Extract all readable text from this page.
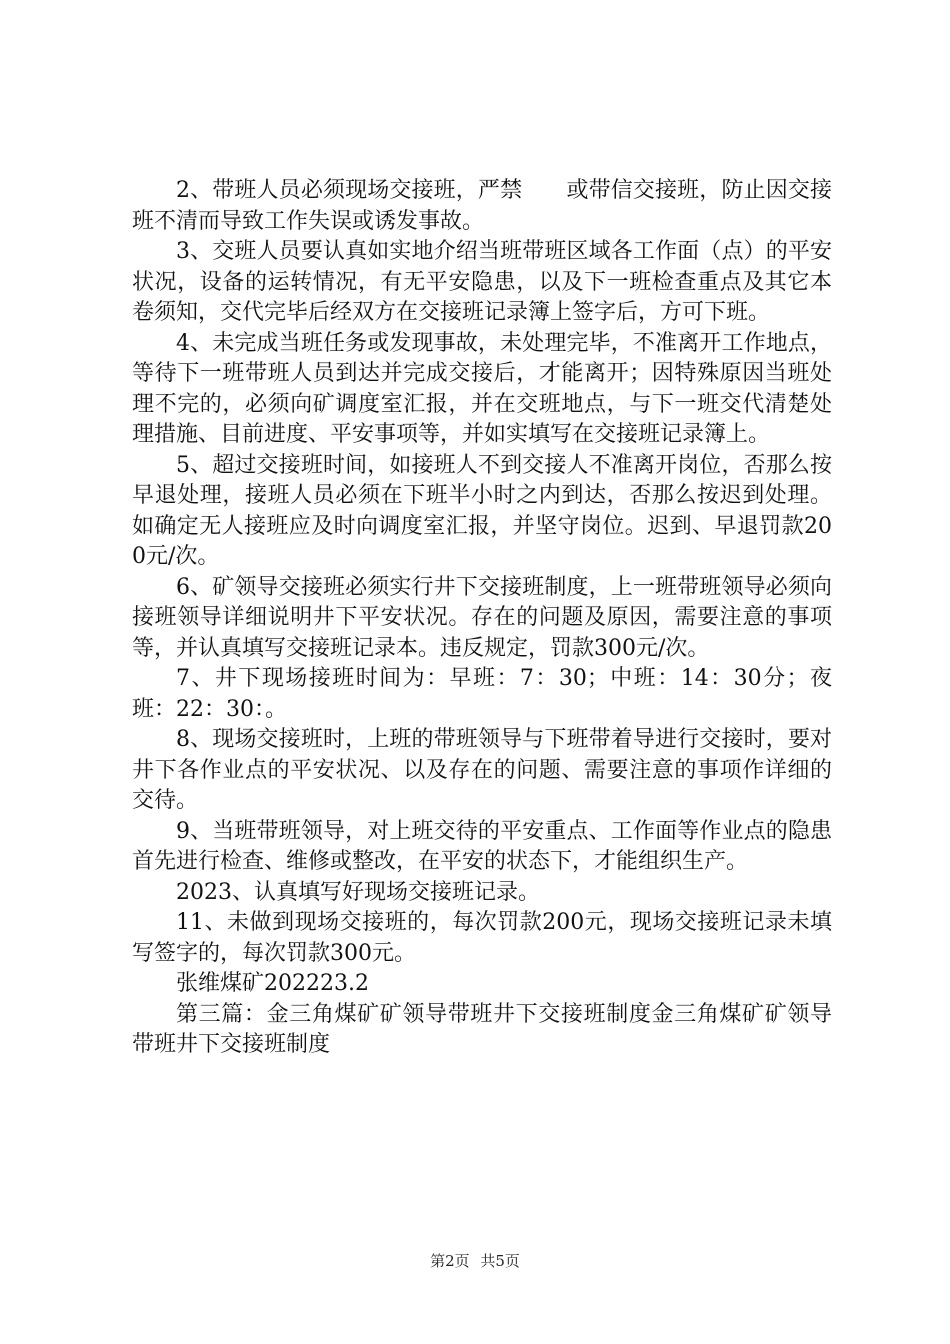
2、带班人员必须现场交接班，严禁　　或带信交接班，防止因交接班不清而导致工作失误或诱发事故。

3、交班人员要认真如实地介绍当班带班区域各工作面（点）的平安状况，设备的运转情况，有无平安隐患，以及下一班检查重点及其它本卷须知，交代完毕后经双方在交接班记录簿上签字后，方可下班。

4、未完成当班任务或发现事故，未处理完毕，不准离开工作地点，等待下一班带班人员到达并完成交接后，才能离开；因特殊原因当班处理不完的，必须向矿调度室汇报，并在交班地点，与下一班交代清楚处理措施、目前进度、平安事项等，并如实填写在交接班记录簿上。

5、超过交接班时间，如接班人不到交接人不准离开岗位，否那么按早退处理，接班人员必须在下班半小时之内到达，否那么按迟到处理。如确定无人接班应及时向调度室汇报，并坚守岗位。迟到、早退罚款200元/次。

6、矿领导交接班必须实行井下交接班制度，上一班带班领导必须向接班领导详细说明井下平安状况。存在的问题及原因，需要注意的事项等，并认真填写交接班记录本。违反规定，罚款300元/次。

7、井下现场接班时间为：早班：7：30；中班：14：30分；夜班：22：30：。

8、现场交接班时，上班的带班领导与下班带着导进行交接时，要对井下各作业点的平安状况、以及存在的问题、需要注意的事项作详细的交待。

9、当班带班领导，对上班交待的平安重点、工作面等作业点的隐患首先进行检查、维修或整改，在平安的状态下，才能组织生产。

2023、认真填写好现场交接班记录。

11、未做到现场交接班的，每次罚款200元，现场交接班记录未填写签字的，每次罚款300元。

张维煤矿202223.2

第三篇：金三角煤矿矿领导带班井下交接班制度金三角煤矿矿领导带班井下交接班制度

第2页 共5页
